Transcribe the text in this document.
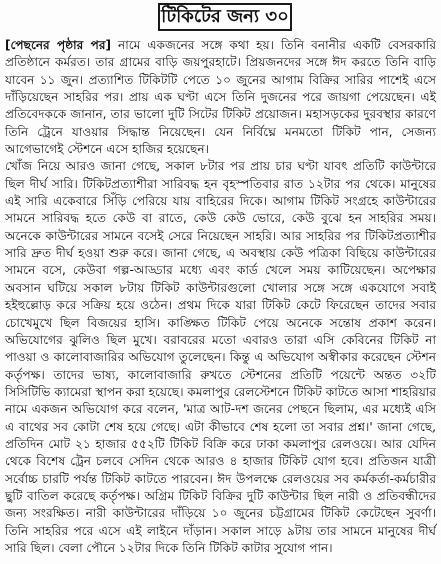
টিকিটের জন্য ৩০

[পেছনের পৃষ্ঠার পর] নামে একজনের সঙ্গে কথা হয়। তিনি বনানীর একটি বেসরকারি প্রতিষ্ঠানে কর্মরত। তার গ্রামের বাড়ি জয়পুরহাটে। প্রিয়জনদের সঙ্গে ঈদ করতে তিনি বাড়ি যাবেন ১১ জুন। প্রত্যাশিত টিকিটটি পেতে ১০ জুনের আগাম বিক্রির সারির পাশেই এসে দাঁড়িয়েছেন সাহরির পর। প্রায় এক ঘণ্টা এসে তিনি দুজনের পরে জায়গা পেয়েছেন। এই প্রতিবেদককে জানান, তার ভালো দুটি সিটের টিকিট প্রয়োজন। মহাসড়কের দুরবস্থার কারণে তিনি ট্রেনে যাওয়ার সিদ্ধান্ত নিয়েছেন। যেন নির্বিঘ্নে মনমতো টিকিট পান, সেজন্য আগেভাগেই স্টেশনে এসে হাজির হয়েছেন।

খোঁজ নিয়ে আরও জানা গেছে, সকাল ৮টার পর প্রায় চার ঘণ্টা যাবৎ প্রতিটি কাউন্টারে ছিল দীর্ঘ সারি। টিকিটপ্রত্যাশীরা সারিবদ্ধ হন বৃহস্পতিবার রাত ১২টার পর থেকে। মানুষের এই সারি একেবারে সিঁড়ি পেরিয়ে যায় বাহিরের দিকে। আগাম টিকিট সংগ্রহে কাউন্টারের সামনে সারিবদ্ধ হতে কেউ বা রাতে, কেউ কেউ ভোরে, কেউ বুঝে হন সাহরির সময়। অনেকে কাউন্টারের সামনে বসেই সেরে নিয়েছেন সাহরি। আর সাহরির পর টিকিটপ্রত্যাশীর সারি দ্রুত দীর্ঘ হওয়া শুরু করে। জানা গেছে, এ অবস্থায় কেউ পত্রিকা বিছিয়ে কাউন্টারের সামনে বসে, কেউবা গল্প-আড্ডার মধ্যে এবং কার্ড খেলে সময় কাটিয়েছেন। অপেক্ষার অবসান ঘটিয়ে সকাল ৮টায় টিকিট কাউন্টারগুলো খোলার সঙ্গে সঙ্গে একযোগে সবাই হইহুল্লোড় করে সক্রিয় হয়ে ওঠেন। প্রথম দিকে যারা টিকিট কেটে ফিরেছেন তাদের সবার চোখেমুখে ছিল বিজয়ের হাসি। কাঙ্ক্ষিত টিকিট পেয়ে অনেকে সন্তোষ প্রকাশ করেন। অভিযোগের ঝুলিও ছিল মুখে। বরাবরের মতো এবারও তারা এসি কেবিনের টিকিট না পাওয়া ও কালোবাজারির অভিযোগ তুলেছেন। কিন্তু এ অভিযোগ অস্বীকার করেছেন স্টেশন কর্তৃপক্ষ। তাদের ভাষ্য, কালোবাজারি রুখতে স্টেশনের প্রতিটি পয়েন্টে অন্তত ৩২টি সিসিটিভি ক্যামেরা স্থাপন করা হয়েছে। কমলাপুর রেলস্টেশনে টিকিট কাটতে আসা শাহরিয়ার নামে একজন অভিযোগ করে বলেন, 'মাত্র আট-দশ জনের পেছনে ছিলাম, এর মধ্যেই এসি এ বাথের সব কোটা শেষ হয়ে গেছে। এটা কীভাবে শেষ হলো তা সবার প্রশ্ন।' জানা গেছে, প্রতিদিন মোট ২১ হাজার ৫৫২টি টিকিট বিক্রি করে ঢাকা কমলাপুর রেলওয়ে। আর যেদিন থেকে বিশেষ ট্রেন চলবে সেদিন থেকে আরও ৪ হাজার টিকিট যোগ হবে। প্রতিজন যাত্রী সর্বোচ্চ চারটি পর্যন্ত টিকিট কাটতে পারবেন। ঈদ উপলক্ষে রেলওয়ের সব কর্মকর্তা-কর্মচারীর ছুটি বাতিল করেছে কর্তৃপক্ষ। অগ্রিম টিকিট বিক্রির দুটি কাউন্টার ছিল নারী ও প্রতিবন্ধীদের জন্য সংরক্ষিত। নারী কাউন্টারের দাঁড়িয়ে ১০ জুনের চট্টগ্রামের টিকিট কেটেছেন সুবর্ণা। তিনি সাহরির পরে এসে এই লাইনে দাঁড়ান। সকাল সাড়ে ৯টায় তার সামনে মানুষের দীর্ঘ সারি ছিল। বেলা পৌনে ১২টার দিকে তিনি টিকিট কাটার সুযোগ পান।
